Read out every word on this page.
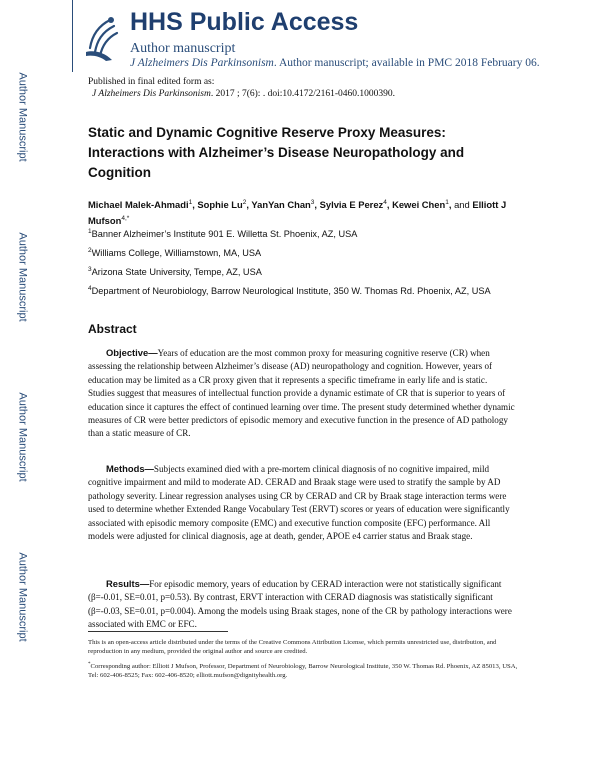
Author Manuscript
Author Manuscript
Author Manuscript
Author Manuscript
HHS Public Access
Author manuscript
J Alzheimers Dis Parkinsonism. Author manuscript; available in PMC 2018 February 06.
Published in final edited form as:
J Alzheimers Dis Parkinsonism. 2017 ; 7(6): . doi:10.4172/2161-0460.1000390.
Static and Dynamic Cognitive Reserve Proxy Measures: Interactions with Alzheimer’s Disease Neuropathology and Cognition
Michael Malek-Ahmadi$^1$, Sophie Lu$^2$, YanYan Chan$^3$, Sylvia E Perez$^4$, Kewei Chen$^1$, and Elliott J Mufson$^{4,*}$
$^1$Banner Alzheimer’s Institute 901 E. Willetta St. Phoenix, AZ, USA
$^2$Williams College, Williamstown, MA, USA
$^3$Arizona State University, Tempe, AZ, USA
$^4$Department of Neurobiology, Barrow Neurological Institute, 350 W. Thomas Rd. Phoenix, AZ, USA
Abstract
Objective—Years of education are the most common proxy for measuring cognitive reserve (CR) when assessing the relationship between Alzheimer’s disease (AD) neuropathology and cognition. However, years of education may be limited as a CR proxy given that it represents a specific timeframe in early life and is static. Studies suggest that measures of intellectual function provide a dynamic estimate of CR that is superior to years of education since it captures the effect of continued learning over time. The present study determined whether dynamic measures of CR were better predictors of episodic memory and executive function in the presence of AD pathology than a static measure of CR.
Methods—Subjects examined died with a pre-mortem clinical diagnosis of no cognitive impaired, mild cognitive impairment and mild to moderate AD. CERAD and Braak stage were used to stratify the sample by AD pathology severity. Linear regression analyses using CR by CERAD and CR by Braak stage interaction terms were used to determine whether Extended Range Vocabulary Test (ERVT) scores or years of education were significantly associated with episodic memory composite (EMC) and executive function composite (EFC) performance. All models were adjusted for clinical diagnosis, age at death, gender, APOE e4 carrier status and Braak stage.
Results—For episodic memory, years of education by CERAD interaction were not statistically significant (β=-0.01, SE=0.01, p=0.53). By contrast, ERVT interaction with CERAD diagnosis was statistically significant (β=-0.03, SE=0.01, p=0.004). Among the models using Braak stages, none of the CR by pathology interactions were associated with EMC or EFC.
This is an open-access article distributed under the terms of the Creative Commons Attribution License, which permits unrestricted use, distribution, and reproduction in any medium, provided the original author and source are credited.
*Corresponding author: Elliott J Mufson, Professor, Department of Neurobiology, Barrow Neurological Institute, 350 W. Thomas Rd. Phoenix, AZ 85013, USA, Tel: 602-406-8525; Fax: 602-406-8520; elliott.mufson@dignityhealth.org.
